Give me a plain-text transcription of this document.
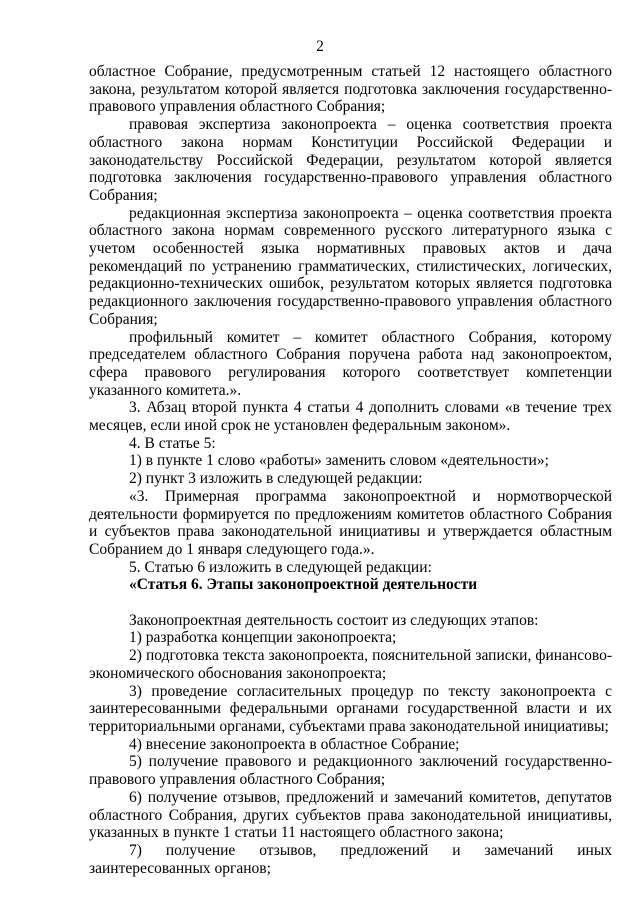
2

областное Собрание, предусмотренным статьей 12 настоящего областного закона, результатом которой является подготовка заключения государственно-правового управления областного Собрания;

правовая экспертиза законопроекта – оценка соответствия проекта областного закона нормам Конституции Российской Федерации и законодательству Российской Федерации, результатом которой является подготовка заключения государственно-правового управления областного Собрания;

редакционная экспертиза законопроекта – оценка соответствия проекта областного закона нормам современного русского литературного языка с учетом особенностей языка нормативных правовых актов и дача рекомендаций по устранению грамматических, стилистических, логических, редакционно-технических ошибок, результатом которых является подготовка редакционного заключения государственно-правового управления областного Собрания;

профильный комитет – комитет областного Собрания, которому председателем областного Собрания поручена работа над законопроектом, сфера правового регулирования которого соответствует компетенции указанного комитета.».

3. Абзац второй пункта 4 статьи 4 дополнить словами «в течение трех месяцев, если иной срок не установлен федеральным законом».

4. В статье 5:

1) в пункте 1 слово «работы» заменить словом «деятельности»;

2) пункт 3 изложить в следующей редакции:

«3. Примерная программа законопроектной и нормотворческой деятельности формируется по предложениям комитетов областного Собрания и субъектов права законодательной инициативы и утверждается областным Собранием до 1 января следующего года.».

5. Статью 6 изложить в следующей редакции:

«Статья 6. Этапы законопроектной деятельности

Законопроектная деятельность состоит из следующих этапов:

1) разработка концепции законопроекта;

2) подготовка текста законопроекта, пояснительной записки, финансово-экономического обоснования законопроекта;

3) проведение согласительных процедур по тексту законопроекта с заинтересованными федеральными органами государственной власти и их территориальными органами, субъектами права законодательной инициативы;

4) внесение законопроекта в областное Собрание;

5) получение правового и редакционного заключений государственно-правового управления областного Собрания;

6) получение отзывов, предложений и замечаний комитетов, депутатов областного Собрания, других субъектов права законодательной инициативы, указанных в пункте 1 статьи 11 настоящего областного закона;

7) получение отзывов, предложений и замечаний иных заинтересованных органов;
